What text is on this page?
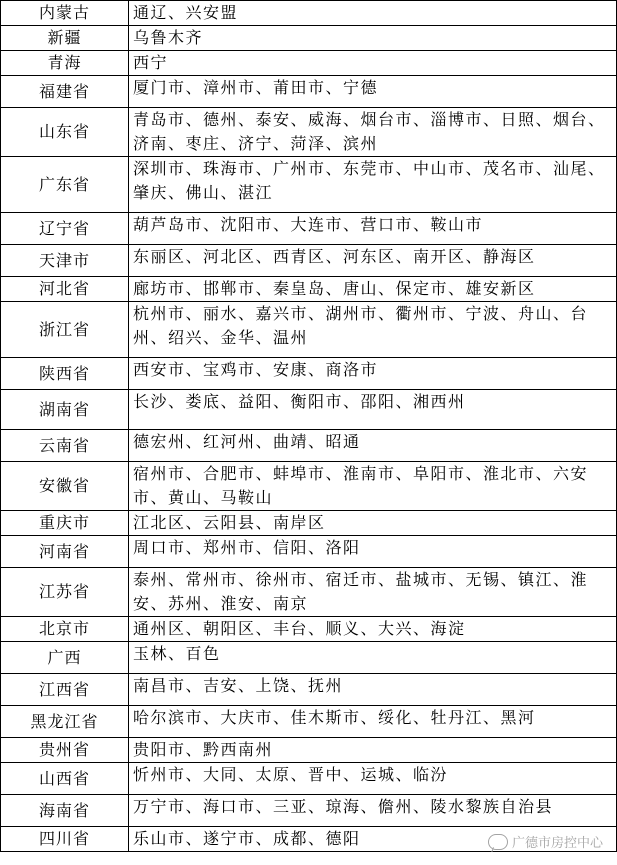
内蒙古	通辽、兴安盟
新疆	乌鲁木齐
青海	西宁
福建省	厦门市、漳州市、莆田市、宁德
山东省	青岛市、德州、泰安、威海、烟台市、淄博市、日照、烟台、济南、枣庄、济宁、菏泽、滨州
广东省	深圳市、珠海市、广州市、东莞市、中山市、茂名市、汕尾、肇庆、佛山、湛江
辽宁省	葫芦岛市、沈阳市、大连市、营口市、鞍山市
天津市	东丽区、河北区、西青区、河东区、南开区、静海区
河北省	廊坊市、邯郸市、秦皇岛、唐山、保定市、雄安新区
浙江省	杭州市、丽水、嘉兴市、湖州市、衢州市、宁波、舟山、台州、绍兴、金华、温州
陕西省	西安市、宝鸡市、安康、商洛市
湖南省	长沙、娄底、益阳、衡阳市、邵阳、湘西州
云南省	德宏州、红河州、曲靖、昭通
安徽省	宿州市、合肥市、蚌埠市、淮南市、阜阳市、淮北市、六安市、黄山、马鞍山
重庆市	江北区、云阳县、南岸区
河南省	周口市、郑州市、信阳、洛阳
江苏省	泰州、常州市、徐州市、宿迁市、盐城市、无锡、镇江、淮安、苏州、淮安、南京
北京市	通州区、朝阳区、丰台、顺义、大兴、海淀
广西	玉林、百色
江西省	南昌市、吉安、上饶、抚州
黑龙江省	哈尔滨市、大庆市、佳木斯市、绥化、牡丹江、黑河
贵州省	贵阳市、黔西南州
山西省	忻州市、大同、太原、晋中、运城、临汾
海南省	万宁市、海口市、三亚、琼海、儋州、陵水黎族自治县
四川省	乐山市、遂宁市、成都、德阳	广德市房控中心
